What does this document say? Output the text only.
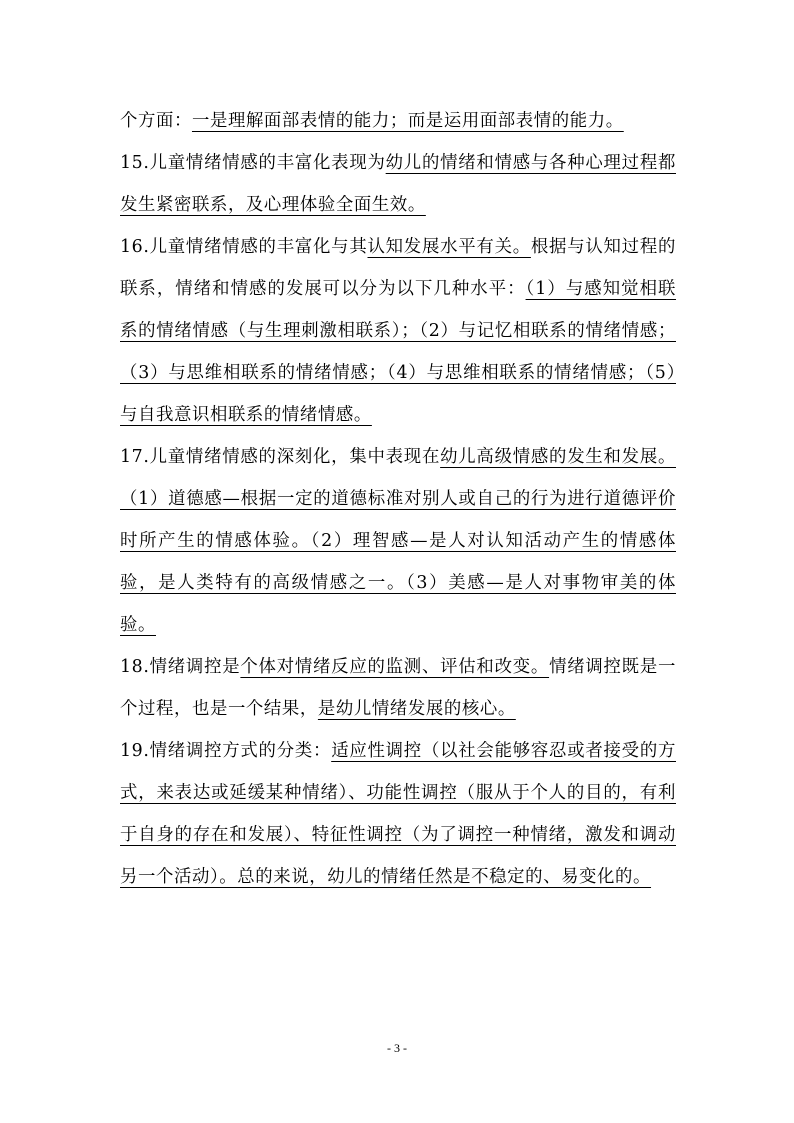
个方面：一是理解面部表情的能力；而是运用面部表情的能力。

15.儿童情绪情感的丰富化表现为幼儿的情绪和情感与各种心理过程都发生紧密联系，及心理体验全面生效。

16.儿童情绪情感的丰富化与其认知发展水平有关。根据与认知过程的联系，情绪和情感的发展可以分为以下几种水平：（1）与感知觉相联系的情绪情感（与生理刺激相联系）；（2）与记忆相联系的情绪情感；（3）与思维相联系的情绪情感；（4）与思维相联系的情绪情感；（5）与自我意识相联系的情绪情感。

17.儿童情绪情感的深刻化，集中表现在幼儿高级情感的发生和发展。（1）道德感—根据一定的道德标准对别人或自己的行为进行道德评价时所产生的情感体验。（2）理智感—是人对认知活动产生的情感体验，是人类特有的高级情感之一。（3）美感—是人对事物审美的体验。

18.情绪调控是个体对情绪反应的监测、评估和改变。情绪调控既是一个过程，也是一个结果，是幼儿情绪发展的核心。

19.情绪调控方式的分类：适应性调控（以社会能够容忍或者接受的方式，来表达或延缓某种情绪）、功能性调控（服从于个人的目的，有利于自身的存在和发展）、特征性调控（为了调控一种情绪，激发和调动另一个活动）。总的来说，幼儿的情绪任然是不稳定的、易变化的。

- 3 -
